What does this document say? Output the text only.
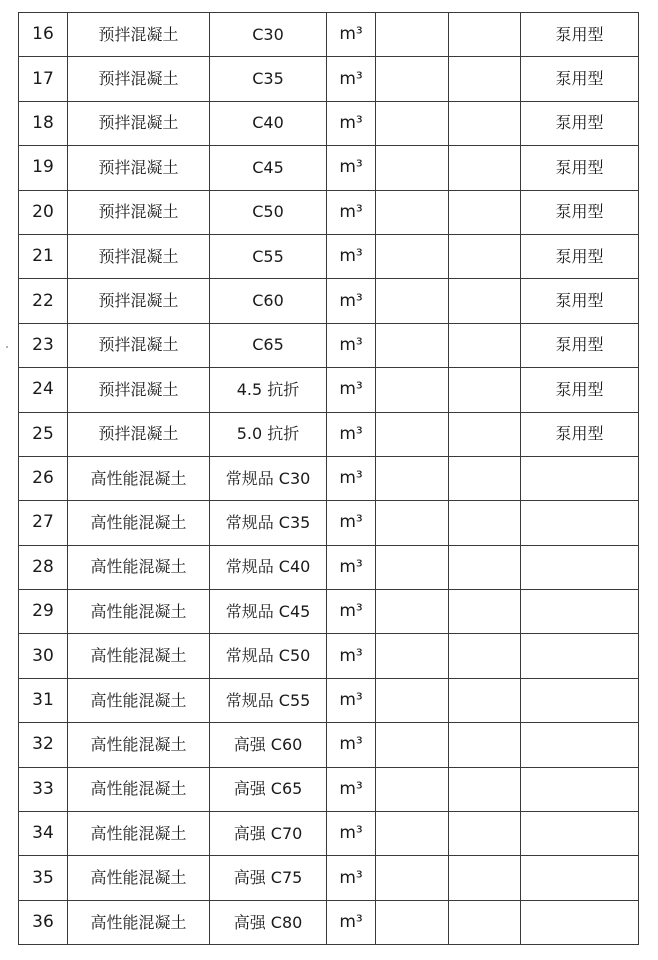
16	预拌混凝土	C30	m³			泵用型
17	预拌混凝土	C35	m³			泵用型
18	预拌混凝土	C40	m³			泵用型
19	预拌混凝土	C45	m³			泵用型
20	预拌混凝土	C50	m³			泵用型
21	预拌混凝土	C55	m³			泵用型
22	预拌混凝土	C60	m³			泵用型
23	预拌混凝土	C65	m³			泵用型
24	预拌混凝土	4.5 抗折	m³			泵用型
25	预拌混凝土	5.0 抗折	m³			泵用型
26	高性能混凝土	常规品 C30	m³			
27	高性能混凝土	常规品 C35	m³			
28	高性能混凝土	常规品 C40	m³			
29	高性能混凝土	常规品 C45	m³			
30	高性能混凝土	常规品 C50	m³			
31	高性能混凝土	常规品 C55	m³			
32	高性能混凝土	高强 C60	m³			
33	高性能混凝土	高强 C65	m³			
34	高性能混凝土	高强 C70	m³			
35	高性能混凝土	高强 C75	m³			
36	高性能混凝土	高强 C80	m³			
